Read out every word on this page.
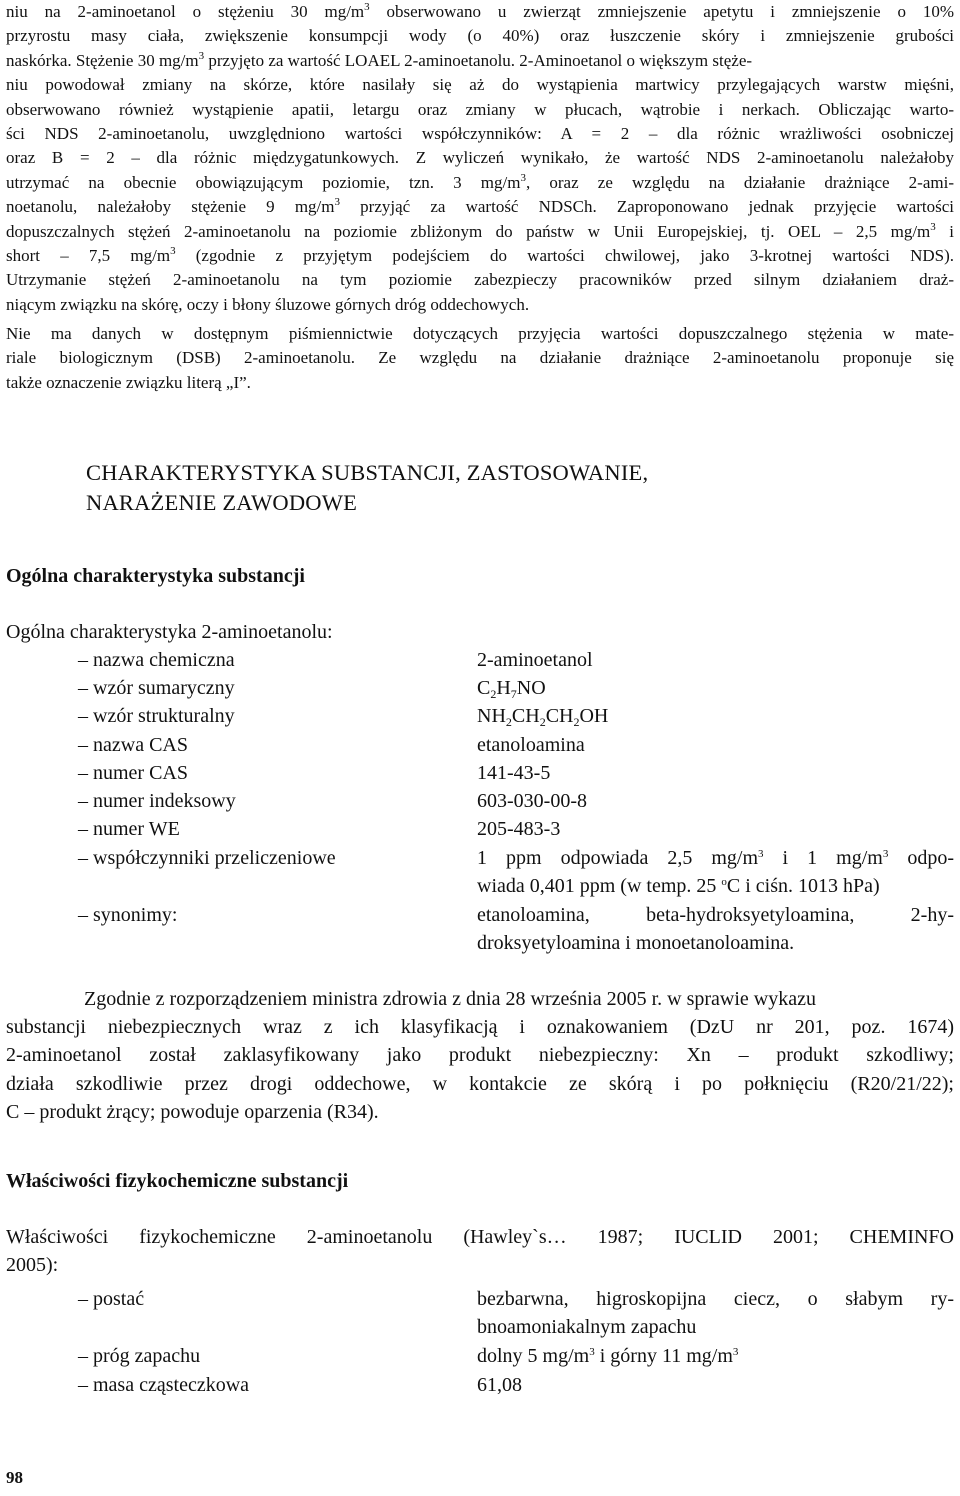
niu na 2-aminoetanol o stężeniu 30 $mg/m^3$ obserwowano u zwierząt zmniejszenie apetytu i zmniejszenie o 10%
przyrostu masy ciała, zwiększenie konsumpcji wody (o 40%) oraz łuszczenie skóry i zmniejszenie grubości
naskórka. Stężenie 30 $mg/m^3$ przyjęto za wartość LOAEL 2-aminoetanolu. 2-Aminoetanol o większym stęże-
niu powodował zmiany na skórze, które nasilały się aż do wystąpienia martwicy przylegających warstw mięśni,
obserwowano również wystąpienie apatii, letargu oraz zmiany w płucach, wątrobie i nerkach. Obliczając warto-
ści NDS 2-aminoetanolu, uwzględniono wartości współczynników: A = 2 – dla różnic wrażliwości osobniczej
oraz B = 2 – dla różnic międzygatunkowych. Z wyliczeń wynikało, że wartość NDS 2-aminoetanolu należałoby
utrzymać na obecnie obowiązującym poziomie, tzn. 3 $mg/m^3$, oraz ze względu na działanie drażniące 2-ami-
noetanolu, należałoby stężenie 9 $mg/m^3$ przyjąć za wartość NDSCh. Zaproponowano jednak przyjęcie wartości
dopuszczalnych stężeń 2-aminoetanolu na poziomie zbliżonym do państw w Unii Europejskiej, tj. OEL – 2,5 $mg/m^3$ i
short – 7,5 $mg/m^3$ (zgodnie z przyjętym podejściem do wartości chwilowej, jako 3-krotnej wartości NDS).
Utrzymanie stężeń 2-aminoetanolu na tym poziomie zabezpieczy pracowników przed silnym działaniem draż-
niącym związku na skórę, oczy i błony śluzowe górnych dróg oddechowych.
Nie ma danych w dostępnym piśmiennictwie dotyczących przyjęcia wartości dopuszczalnego stężenia w mate-
riale biologicznym (DSB) 2-aminoetanolu. Ze względu na działanie drażniące 2-aminoetanolu proponuje się
także oznaczenie związku literą „I”.
CHARAKTERYSTYKA SUBSTANCJI, ZASTOSOWANIE,
NARAŻENIE ZAWODOWE
Ogólna charakterystyka substancji

Ogólna charakterystyka 2-aminoetanolu:

– nazwa chemiczna	2-aminoetanol
– wzór sumaryczny	$C_2H_7NO$
– wzór strukturalny	$NH_2CH_2CH_2OH$
– nazwa CAS	etanoloamina
– numer CAS	141-43-5
– numer indeksowy	603-030-00-8
– numer WE	205-483-3
– współczynniki przeliczeniowe	1 ppm odpowiada 2,5 $mg/m^3$ i 1 $mg/m^3$ odpo-
wiada 0,401 ppm (w temp. 25 $^o$C i ciśn. 1013 hPa)
– synonimy:	etanoloamina, beta-hydroksyetyloamina, 2-hy-
droksyetyloamina i monoetanoloamina.
Zgodnie z rozporządzeniem ministra zdrowia z dnia 28 września 2005 r. w sprawie wykazu
substancji niebezpiecznych wraz z ich klasyfikacją i oznakowaniem (DzU nr 201, poz. 1674)
2-aminoetanol został zaklasyfikowany jako produkt niebezpieczny: Xn – produkt szkodliwy;
działa szkodliwie przez drogi oddechowe, w kontakcie ze skórą i po połknięciu (R20/21/22);
C – produkt żrący; powoduje oparzenia (R34).
Właściwości fizykochemiczne substancji
Właściwości fizykochemiczne 2-aminoetanolu (Hawley`s… 1987; IUCLID 2001; CHEMINFO
2005):
– postać	bezbarwna, higroskopijna ciecz, o słabym ry-
bnoamoniakalnym zapachu
– próg zapachu	dolny 5 $mg/m^3$ i górny 11 $mg/m^3$
– masa cząsteczkowa	61,08
98
